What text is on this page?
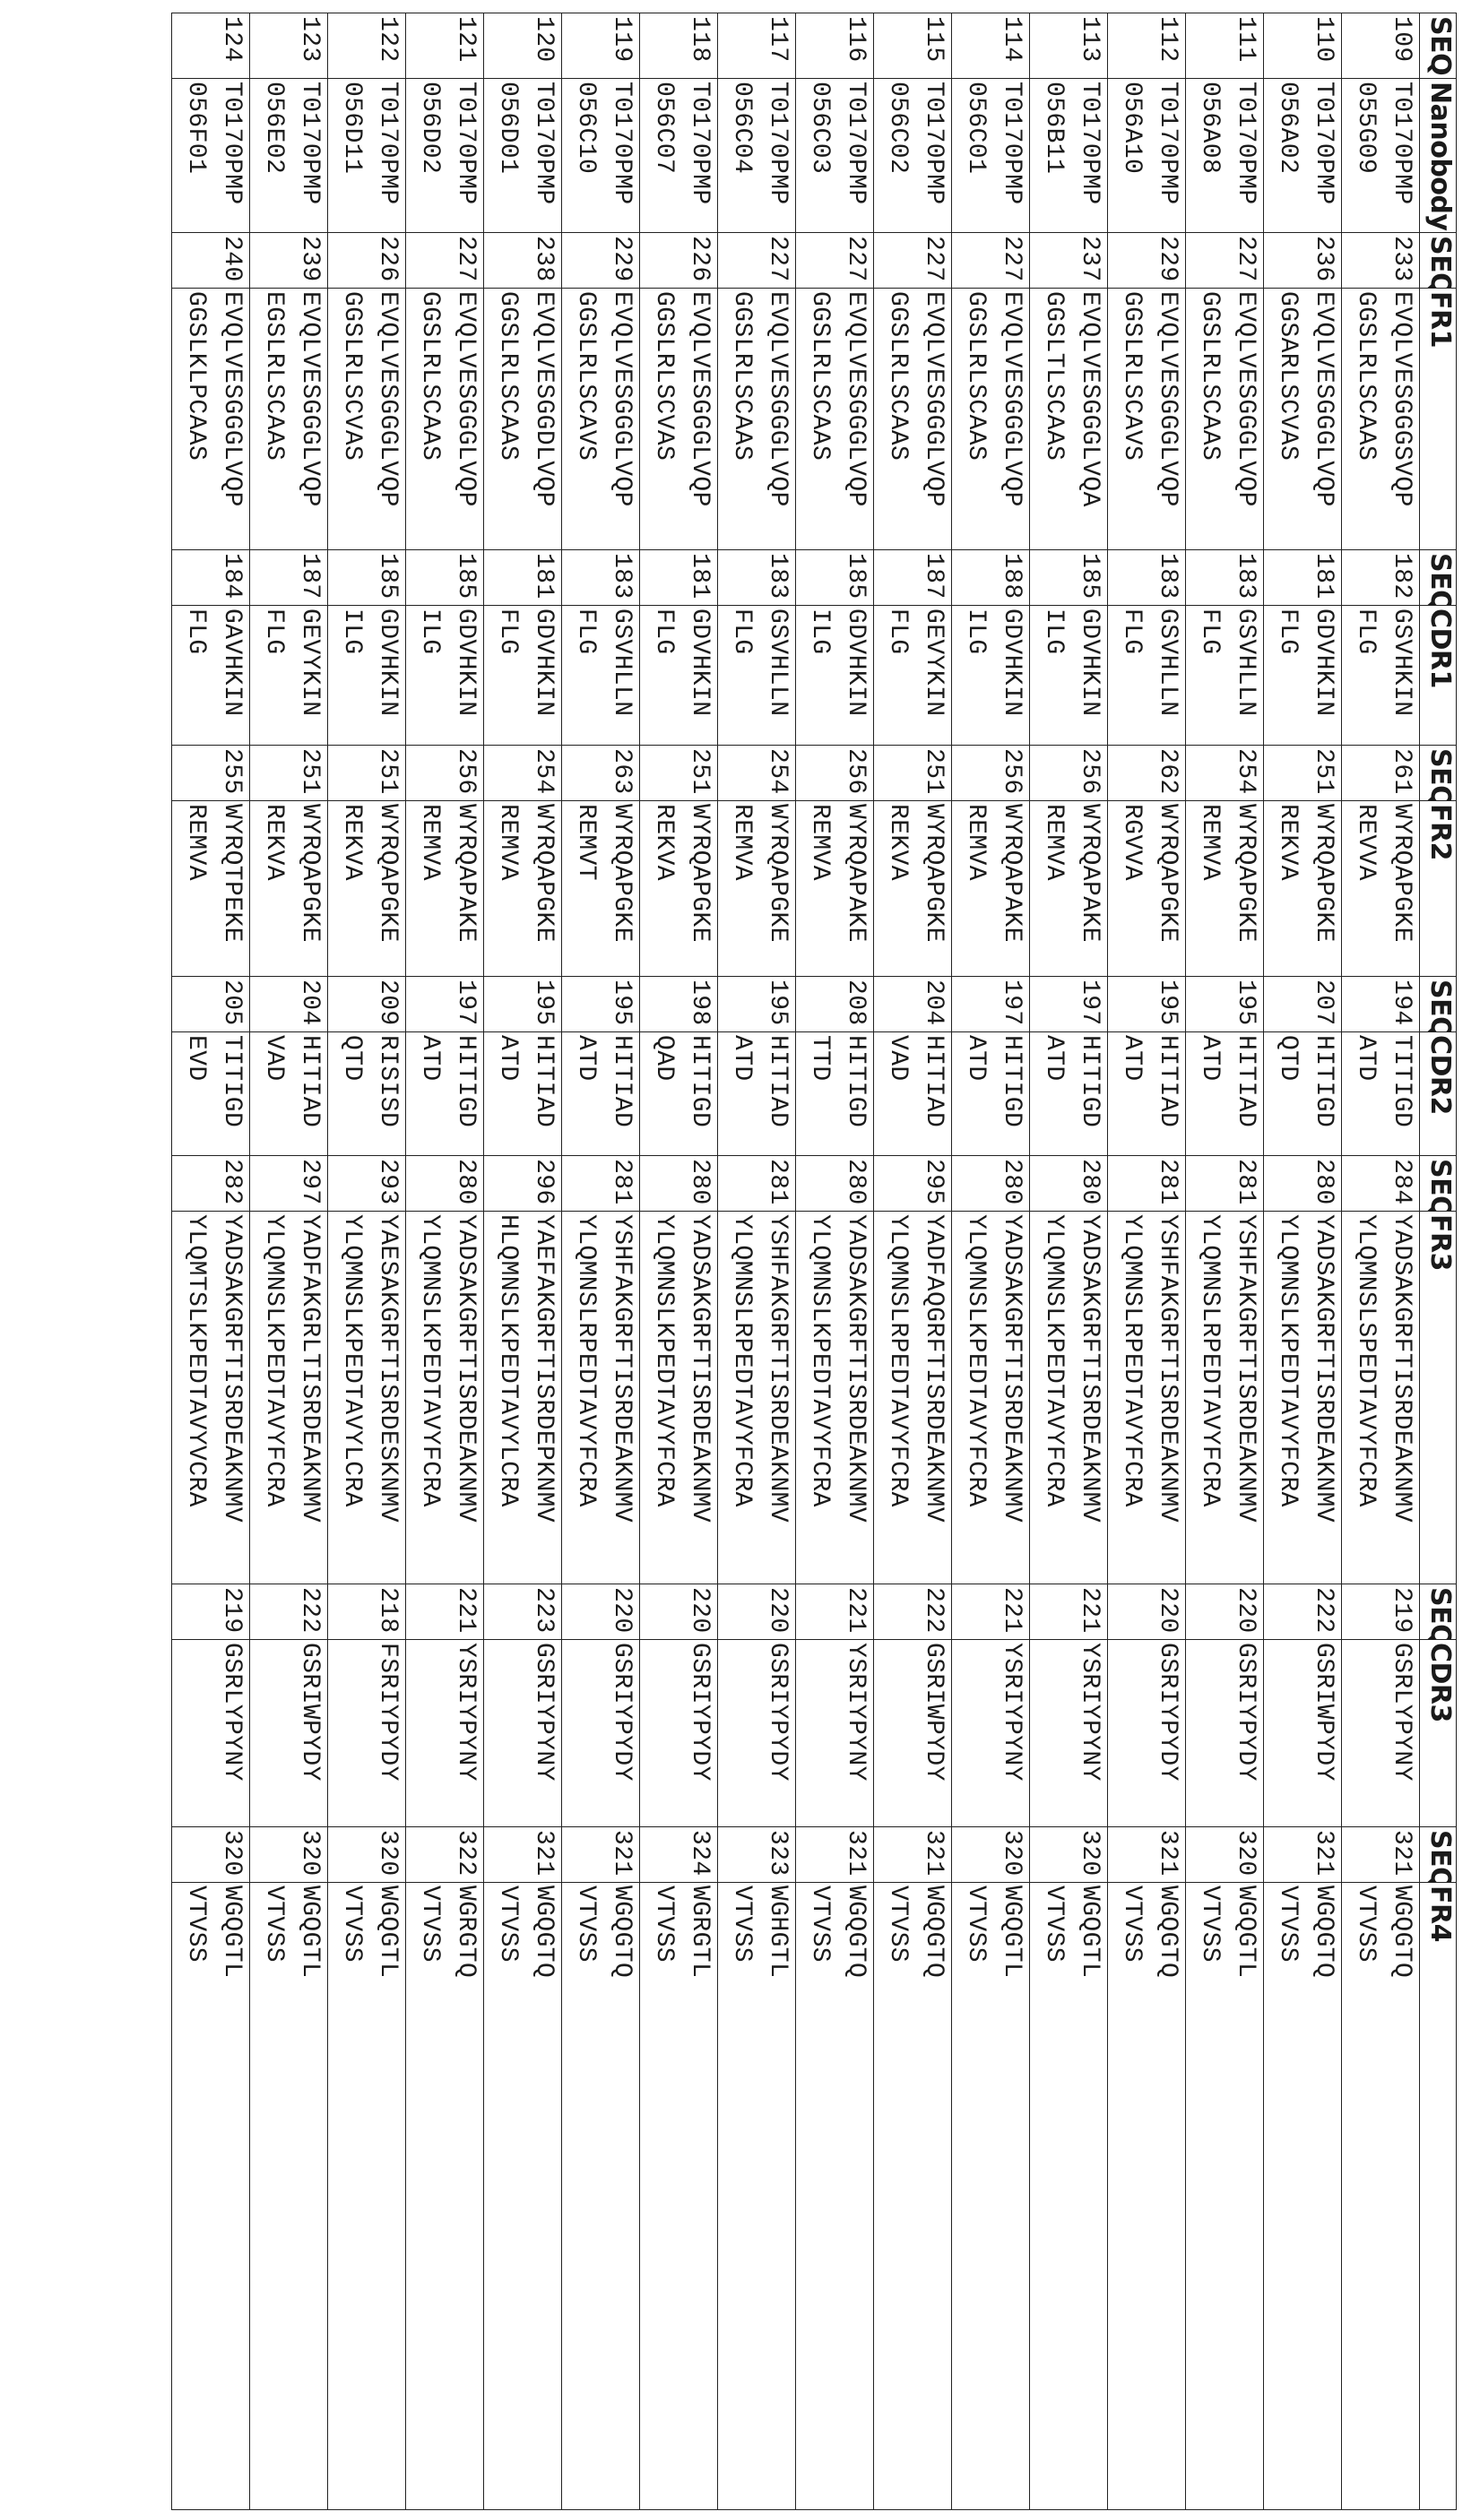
SEQ	Nanobody	SEQ	FR1	SEQ	CDR1	SEQ	FR2	SEQ	CDR2	SEQ	FR3	SEQ	CDR3	SEQ	FR4
109	
T0170PMP
055G09
	233	
EVQLVESGGGSVQP
GGSLRLSCAAS
	182	
GSVHKIN
FLG
	261	
WYRQAPGKE
REVVA
	194	
TITIGD
ATD
	284	
YADSAKGRFTISRDEAKNMV
YLQMNSLSPEDTAVYFCRA
	219	
GSRLYPYNY
	321	
WGQGTQ
VTVSS

110	
T0170PMP
056A02
	236	
EVQLVESGGGLVQP
GGSARLSCVAS
	181	
GDVHKIN
FLG
	251	
WYRQAPGKE
REKVA
	207	
HITIGD
QTD
	280	
YADSAKGRFTISRDEAKNMV
YLQMNSLKPEDTAVYFCRA
	222	
GSRIWPYDY
	321	
WGQGTQ
VTVSS

111	
T0170PMP
056A08
	227	
EVQLVESGGGLVQP
GGSLRLSCAAS
	183	
GSVHLLN
FLG
	254	
WYRQAPGKE
REMVA
	195	
HITIAD
ATD
	281	
YSHFAKGRFTISRDEAKNMV
YLQMNSLRPEDTAVYFCRA
	220	
GSRIYPYDY
	320	
WGQGTL
VTVSS

112	
T0170PMP
056A10
	229	
EVQLVESGGGLVQP
GGSLRLSCAVS
	183	
GSVHLLN
FLG
	262	
WYRQAPGKE
RGVVA
	195	
HITIAD
ATD
	281	
YSHFAKGRFTISRDEAKNMV
YLQMNSLRPEDTAVYFCRA
	220	
GSRIYPYDY
	321	
WGQGTQ
VTVSS

113	
T0170PMP
056B11
	237	
EVQLVESGGGLVQA
GGSLTLSCAAS
	185	
GDVHKIN
ILG
	256	
WYRQAPAKE
REMVA
	197	
HITIGD
ATD
	280	
YADSAKGRFTISRDEAKNMV
YLQMNSLKPEDTAVYFCRA
	221	
YSRIYPYNY
	320	
WGQGTL
VTVSS

114	
T0170PMP
056C01
	227	
EVQLVESGGGLVQP
GGSLRLSCAAS
	188	
GDVHKIN
ILG
	256	
WYRQAPAKE
REMVA
	197	
HITIGD
ATD
	280	
YADSAKGRFTISRDEAKNMV
YLQMNSLKPEDTAVYFCRA
	221	
YSRIYPYNY
	320	
WGQGTL
VTVSS

115	
T0170PMP
056C02
	227	
EVQLVESGGGLVQP
GGSLRLSCAAS
	187	
GEVYKIN
FLG
	251	
WYRQAPGKE
REKVA
	204	
HITIAD
VAD
	295	
YADFAQGRFTISRDEAKNMV
YLQMNSLRPEDTAVYFCRA
	222	
GSRIWPYDY
	321	
WGQGTQ
VTVSS

116	
T0170PMP
056C03
	227	
EVQLVESGGGLVQP
GGSLRLSCAAS
	185	
GDVHKIN
ILG
	256	
WYRQAPAKE
REMVA
	208	
HITIGD
TTD
	280	
YADSAKGRFTISRDEAKNMV
YLQMNSLKPEDTAVYFCRA
	221	
YSRIYPYNY
	321	
WGQGTQ
VTVSS

117	
T0170PMP
056C04
	227	
EVQLVESGGGLVQP
GGSLRLSCAAS
	183	
GSVHLLN
FLG
	254	
WYRQAPGKE
REMVA
	195	
HITIAD
ATD
	281	
YSHFAKGRFTISRDEAKNMV
YLQMNSLRPEDTAVYFCRA
	220	
GSRIYPYDY
	323	
WGHGTL
VTVSS

118	
T0170PMP
056C07
	226	
EVQLVESGGGLVQP
GGSLRLSCVAS
	181	
GDVHKIN
FLG
	251	
WYRQAPGKE
REKVA
	198	
HITIGD
QAD
	280	
YADSAKGRFTISRDEAKNMV
YLQMNSLKPEDTAVYFCRA
	220	
GSRIYPYDY
	324	
WGRGTL
VTVSS

119	
T0170PMP
056C10
	229	
EVQLVESGGGLVQP
GGSLRLSCAVS
	183	
GSVHLLN
FLG
	263	
WYRQAPGKE
REMVT
	195	
HITIAD
ATD
	281	
YSHFAKGRFTISRDEAKNMV
YLQMNSLRPEDTAVYFCRA
	220	
GSRIYPYDY
	321	
WGQGTQ
VTVSS

120	
T0170PMP
056D01
	238	
EVQLVESGGDLVQP
GGSLRLSCAAS
	181	
GDVHKIN
FLG
	254	
WYRQAPGKE
REMVA
	195	
HITIAD
ATD
	296	
YAEFAKGRFTISRDEPKNMV
HLQMNSLKPEDTAVYLCRA
	223	
GSRIYPYNY
	321	
WGQGTQ
VTVSS

121	
T0170PMP
056D02
	227	
EVQLVESGGGLVQP
GGSLRLSCAAS
	185	
GDVHKIN
ILG
	256	
WYRQAPAKE
REMVA
	197	
HITIGD
ATD
	280	
YADSAKGRFTISRDEAKNMV
YLQMNSLKPEDTAVYFCRA
	221	
YSRIYPYNY
	322	
WGRGTQ
VTVSS

122	
T0170PMP
056D11
	226	
EVQLVESGGGLVQP
GGSLRLSCVAS
	185	
GDVHKIN
ILG
	251	
WYRQAPGKE
REKVA
	209	
RISISD
QTD
	293	
YAESAKGRFTISRDESKNMV
YLQMNSLKPEDTAVYLCRA
	218	
FSRIYPYDY
	320	
WGQGTL
VTVSS

123	
T0170PMP
056E02
	239	
EVQLVESGGGLVQP
EGSLRLSCAAS
	187	
GEVYKIN
FLG
	251	
WYRQAPGKE
REKVA
	204	
HITIAD
VAD
	297	
YADFAKGRLTISRDEAKNMV
YLQMNSLKPEDTAVYFCRA
	222	
GSRIWPYDY
	320	
WGQGTL
VTVSS

124	
T0170PMP
056F01
	240	
EVQLVESGGGLVQP
GGSLKLPCAAS
	184	
GAVHKIN
FLG
	255	
WYRQTPEKE
REMVA
	205	
TITIGD
EVD
	282	
YADSAKGRFTISRDEAKNMV
YLQMTSLKPEDTAVYVCRA
	219	
GSRLYPYNY
	320	
WGQGTL
VTVSS
